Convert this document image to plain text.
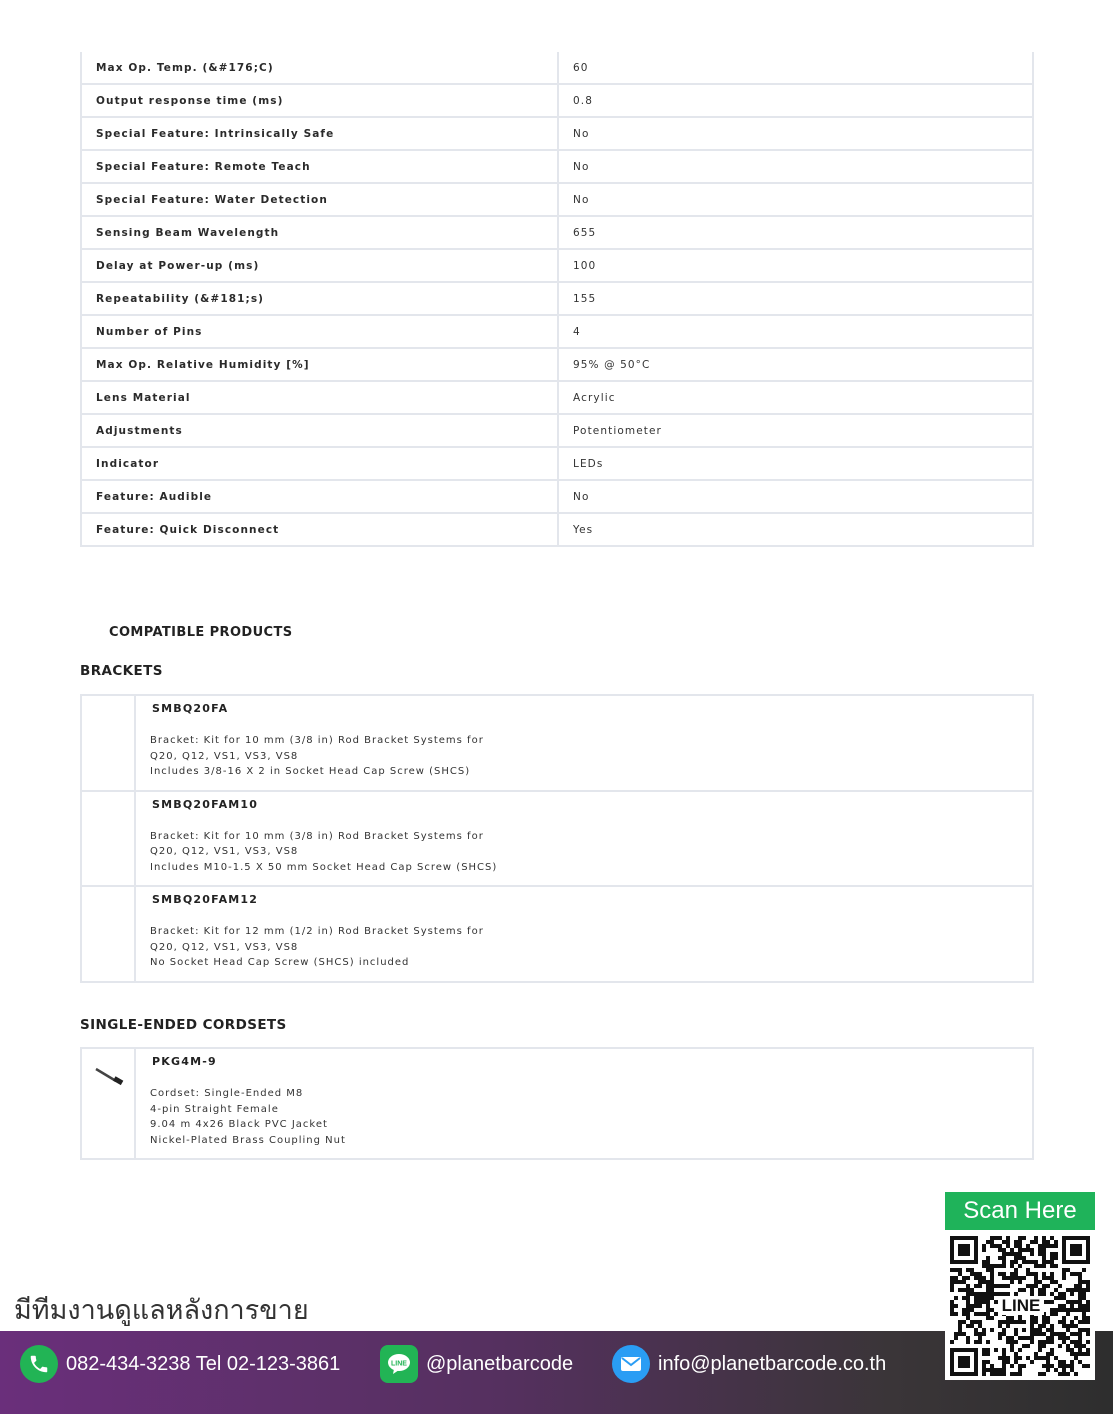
Max Op. Temp. (&#176;C)	60
Output response time (ms)	0.8
Special Feature: Intrinsically Safe	No
Special Feature: Remote Teach	No
Special Feature: Water Detection	No
Sensing Beam Wavelength	655
Delay at Power-up (ms)	100
Repeatability (&#181;s)	155
Number of Pins	4
Max Op. Relative Humidity [%]	95% @ 50°C
Lens Material	Acrylic
Adjustments	Potentiometer
Indicator	LEDs
Feature: Audible	No
Feature: Quick Disconnect	Yes
COMPATIBLE PRODUCTS
BRACKETS

	SMBQ20FA
Bracket: Kit for 10 mm (3/8 in) Rod Bracket Systems for
Q20, Q12, VS1, VS3, VS8
Includes 3/8-16 X 2 in Socket Head Cap Screw (SHCS)

	SMBQ20FAM10
Bracket: Kit for 10 mm (3/8 in) Rod Bracket Systems for
Q20, Q12, VS1, VS3, VS8
Includes M10-1.5 X 50 mm Socket Head Cap Screw (SHCS)

	SMBQ20FAM12
Bracket: Kit for 12 mm (1/2 in) Rod Bracket Systems for
Q20, Q12, VS1, VS3, VS8
No Socket Head Cap Screw (SHCS) included
SINGLE-ENDED CORDSETS

PKG4M-9
Cordset: Single-Ended M8
4-pin Straight Female
9.04 m 4x26 Black PVC Jacket
Nickel-Plated Brass Coupling Nut
มีทีมงานดูแลหลังการขาย
082-434-3238 Tel 02-123-3861	LINE @planetbarcode	info@planetbarcode.co.th
Scan Here
LINE
